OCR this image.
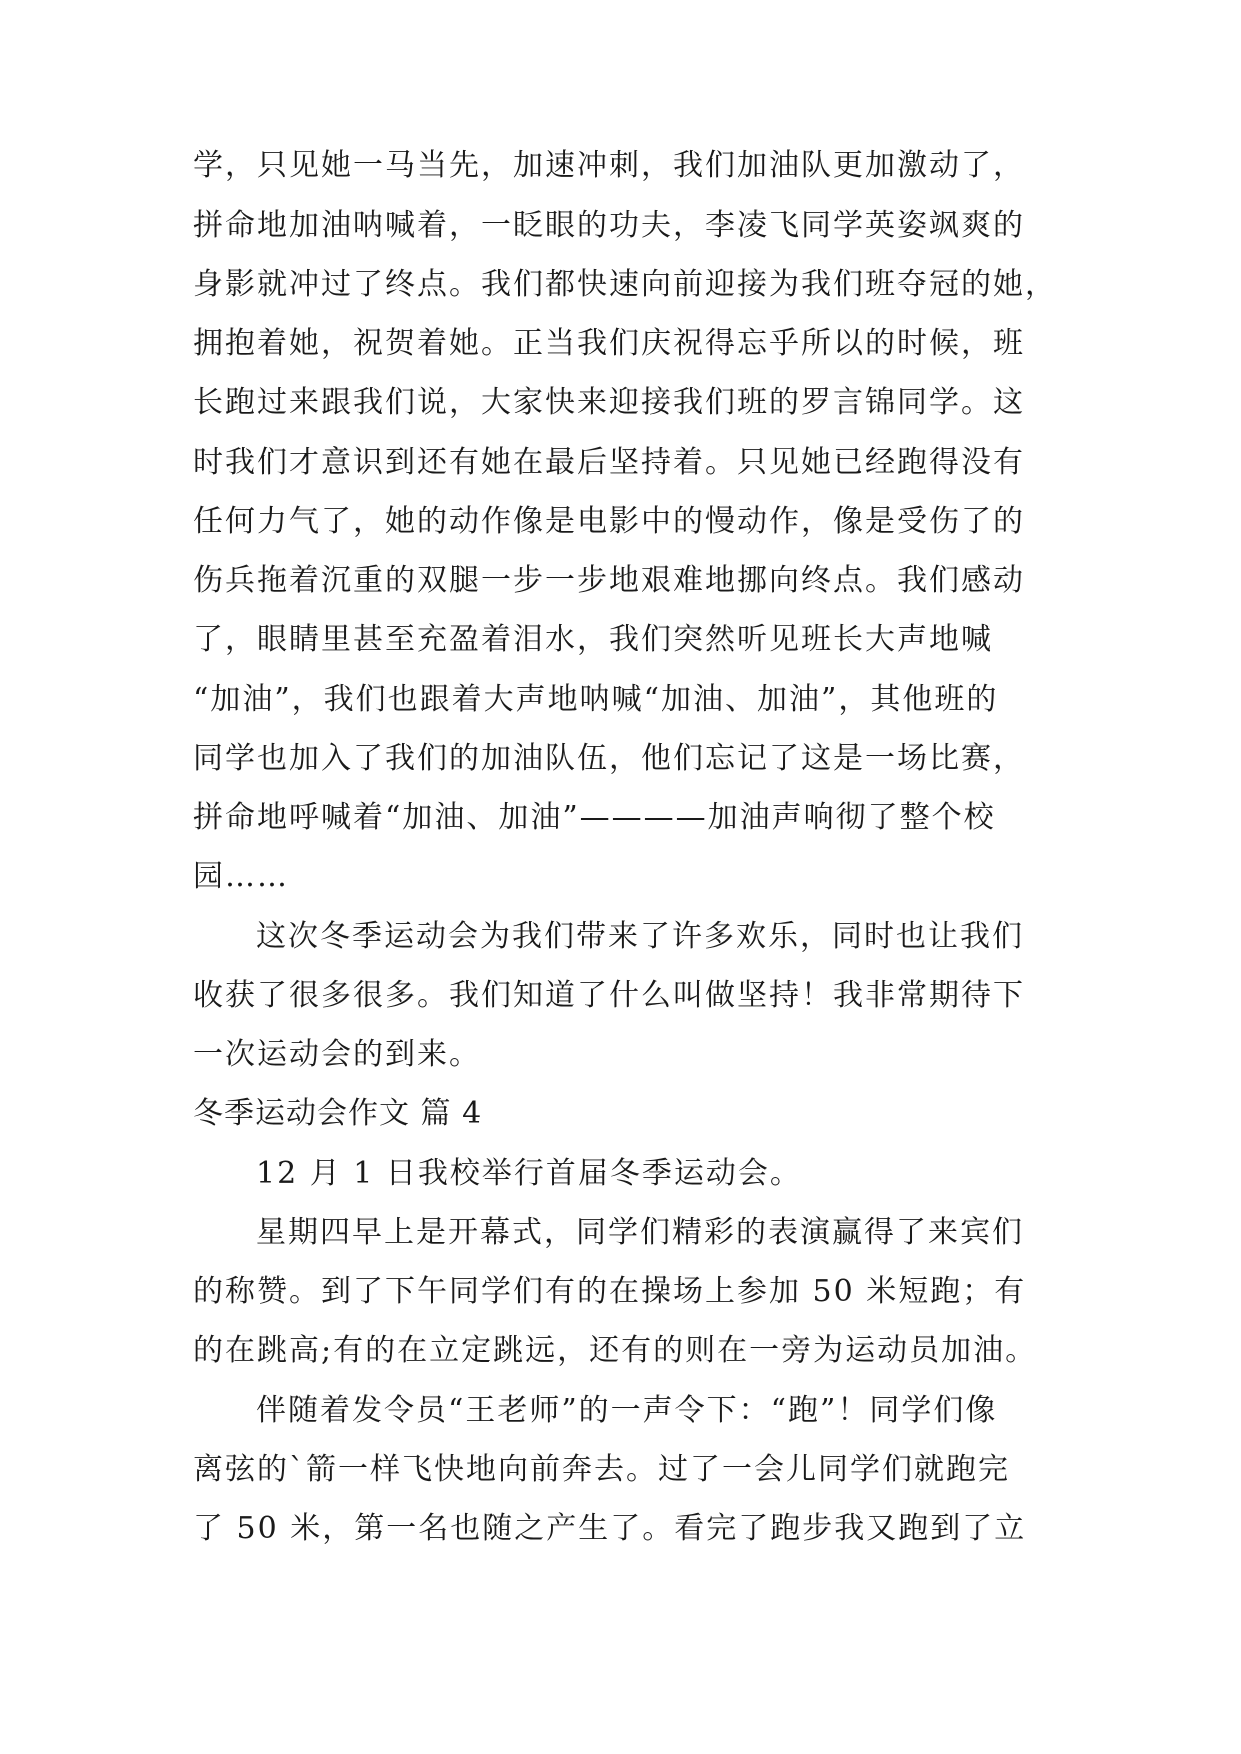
学，只见她一马当先，加速冲刺，我们加油队更加激动了，
拼命地加油呐喊着，一眨眼的功夫，李凌飞同学英姿飒爽的
身影就冲过了终点。我们都快速向前迎接为我们班夺冠的她，
拥抱着她，祝贺着她。正当我们庆祝得忘乎所以的时候，班
长跑过来跟我们说，大家快来迎接我们班的罗言锦同学。这
时我们才意识到还有她在最后坚持着。只见她已经跑得没有
任何力气了，她的动作像是电影中的慢动作，像是受伤了的
伤兵拖着沉重的双腿一步一步地艰难地挪向终点。我们感动
了，眼睛里甚至充盈着泪水，我们突然听见班长大声地喊
“加油”，我们也跟着大声地呐喊“加油、加油”，其他班的
同学也加入了我们的加油队伍，他们忘记了这是一场比赛，
拼命地呼喊着“加油、加油”————加油声响彻了整个校
园……
这次冬季运动会为我们带来了许多欢乐，同时也让我们
收获了很多很多。我们知道了什么叫做坚持！我非常期待下
一次运动会的到来。
冬季运动会作文 篇 4
12 月 1 日我校举行首届冬季运动会。
星期四早上是开幕式，同学们精彩的表演赢得了来宾们
的称赞。到了下午同学们有的在操场上参加 50 米短跑；有
的在跳高;有的在立定跳远，还有的则在一旁为运动员加油。
伴随着发令员“王老师”的一声令下：“跑”！同学们像
离弦的`箭一样飞快地向前奔去。过了一会儿同学们就跑完
了 50 米，第一名也随之产生了。看完了跑步我又跑到了立
